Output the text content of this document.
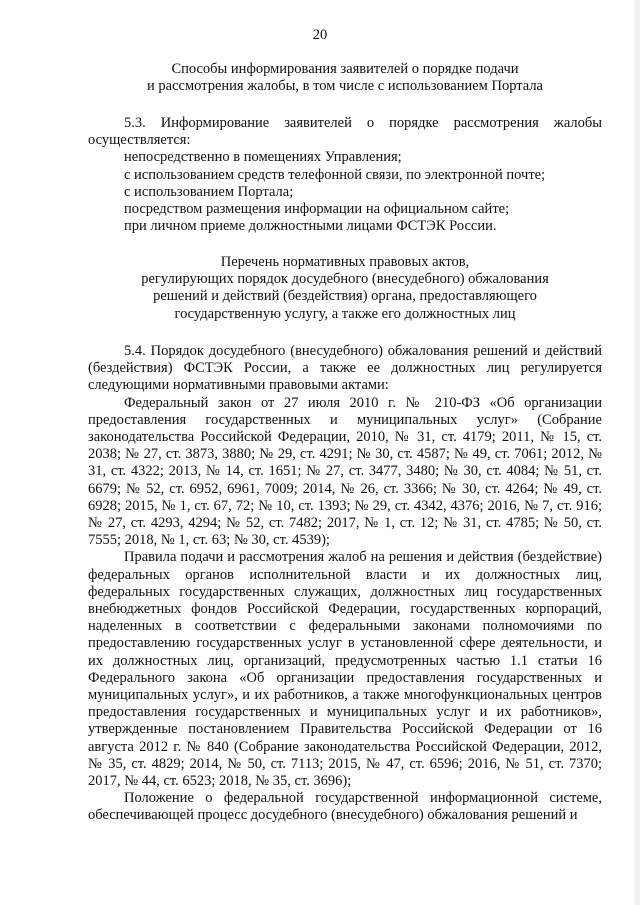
20

Способы информирования заявителей о порядке подачи

и рассмотрения жалобы, в том числе с использованием Портала

5.3. Информирование заявителей о порядке рассмотрения жалобы осуществляется:

непосредственно в помещениях Управления;

с использованием средств телефонной связи, по электронной почте;

с использованием Портала;

посредством размещения информации на официальном сайте;

при личном приеме должностными лицами ФСТЭК России.

Перечень нормативных правовых актов,

регулирующих порядок досудебного (внесудебного) обжалования

решений и действий (бездействия) органа, предоставляющего

государственную услугу, а также его должностных лиц

5.4. Порядок досудебного (внесудебного) обжалования решений и действий (бездействия) ФСТЭК России, а также ее должностных лиц регулируется следующими нормативными правовыми актами:

Федеральный закон от 27 июля 2010 г. № 210-ФЗ «Об организации предоставления государственных и муниципальных услуг» (Собрание законодательства Российской Федерации, 2010, № 31, ст. 4179; 2011, № 15, ст. 2038; № 27, ст. 3873, 3880; № 29, ст. 4291; № 30, ст. 4587; № 49, ст. 7061; 2012, № 31, ст. 4322; 2013, № 14, ст. 1651; № 27, ст. 3477, 3480; № 30, ст. 4084; № 51, ст. 6679; № 52, ст. 6952, 6961, 7009; 2014, № 26, ст. 3366; № 30, ст. 4264; № 49, ст. 6928; 2015, № 1, ст. 67, 72; № 10, ст. 1393; № 29, ст. 4342, 4376; 2016, № 7, ст. 916; № 27, ст. 4293, 4294; № 52, ст. 7482; 2017, № 1, ст. 12; № 31, ст. 4785; № 50, ст. 7555; 2018, № 1, ст. 63; № 30, ст. 4539);

Правила подачи и рассмотрения жалоб на решения и действия (бездействие) федеральных органов исполнительной власти и их должностных лиц, федеральных государственных служащих, должностных лиц государственных внебюджетных фондов Российской Федерации, государственных корпораций, наделенных в соответствии с федеральными законами полномочиями по предоставлению государственных услуг в установленной сфере деятельности, и их должностных лиц, организаций, предусмотренных частью 1.1 статьи 16 Федерального закона «Об организации предоставления государственных и муниципальных услуг», и их работников, а также многофункциональных центров предоставления государственных и муниципальных услуг и их работников», утвержденные постановлением Правительства Российской Федерации от 16 августа 2012 г. № 840 (Собрание законодательства Российской Федерации, 2012, № 35, ст. 4829; 2014, № 50, ст. 7113; 2015, № 47, ст. 6596; 2016, № 51, ст. 7370; 2017, № 44, ст. 6523; 2018, № 35, ст. 3696);

Положение о федеральной государственной информационной системе, обеспечивающей процесс досудебного (внесудебного) обжалования решений и
